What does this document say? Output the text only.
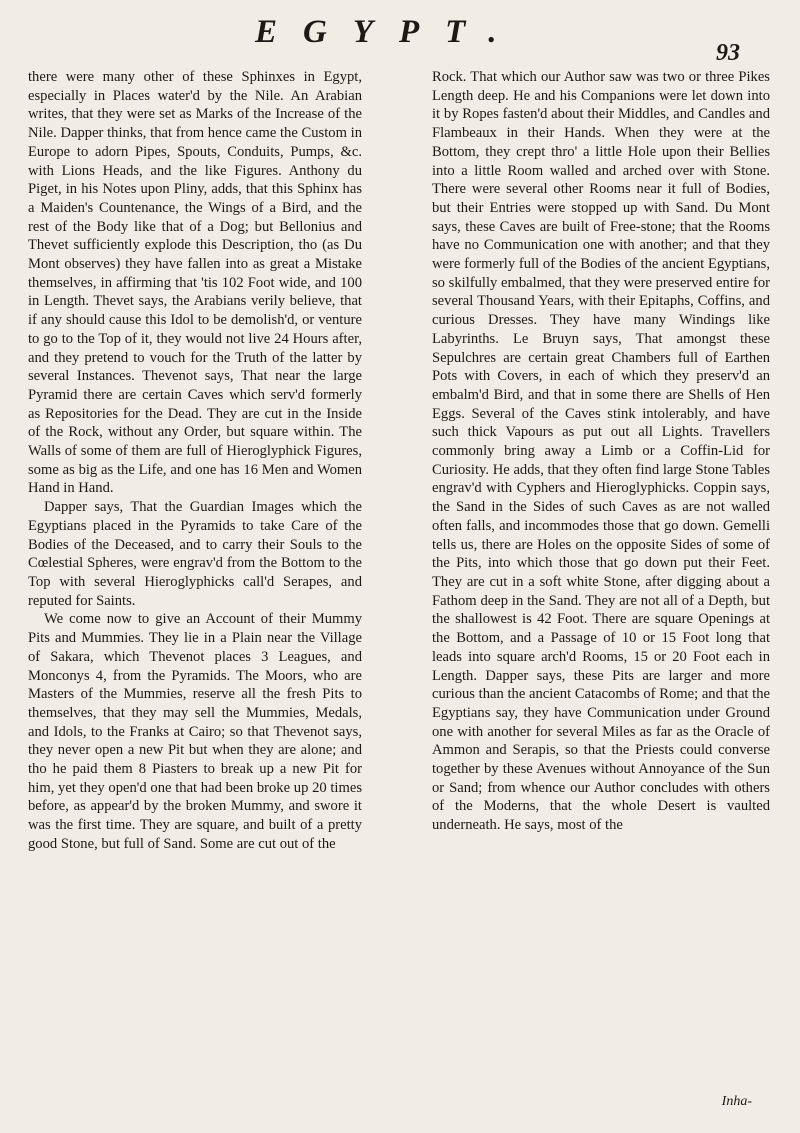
EGYPT.
93

there were many other of these Sphinxes in Egypt, especially in Places water'd by the Nile. An Arabian writes, that they were set as Marks of the Increase of the Nile. Dapper thinks, that from hence came the Custom in Europe to adorn Pipes, Spouts, Conduits, Pumps, &c. with Lions Heads, and the like Figures. Anthony du Piget, in his Notes upon Pliny, adds, that this Sphinx has a Maiden's Countenance, the Wings of a Bird, and the rest of the Body like that of a Dog; but Bellonius and Thevet sufficiently explode this Description, tho (as Du Mont observes) they have fallen into as great a Mistake themselves, in affirming that 'tis 102 Foot wide, and 100 in Length. Thevet says, the Arabians verily believe, that if any should cause this Idol to be demolish'd, or venture to go to the Top of it, they would not live 24 Hours after, and they pretend to vouch for the Truth of the latter by several Instances. Thevenot says, That near the large Pyramid there are certain Caves which serv'd formerly as Repositories for the Dead. They are cut in the Inside of the Rock, without any Order, but square within. The Walls of some of them are full of Hieroglyphick Figures, some as big as the Life, and one has 16 Men and Women Hand in Hand.

Dapper says, That the Guardian Images which the Egyptians placed in the Pyramids to take Care of the Bodies of the Deceased, and to carry their Souls to the Cœlestial Spheres, were engrav'd from the Bottom to the Top with several Hieroglyphicks call'd Serapes, and reputed for Saints.

We come now to give an Account of their Mummy Pits and Mummies. They lie in a Plain near the Village of Sakara, which Thevenot places 3 Leagues, and Monconys 4, from the Pyramids. The Moors, who are Masters of the Mummies, reserve all the fresh Pits to themselves, that they may sell the Mummies, Medals, and Idols, to the Franks at Cairo; so that Thevenot says, they never open a new Pit but when they are alone; and tho he paid them 8 Piasters to break up a new Pit for him, yet they open'd one that had been broke up 20 times before, as appear'd by the broken Mummy, and swore it was the first time. They are square, and built of a pretty good Stone, but full of Sand. Some are cut out of the

Rock. That which our Author saw was two or three Pikes Length deep. He and his Companions were let down into it by Ropes fasten'd about their Middles, and Candles and Flambeaux in their Hands. When they were at the Bottom, they crept thro' a little Hole upon their Bellies into a little Room walled and arched over with Stone. There were several other Rooms near it full of Bodies, but their Entries were stopped up with Sand. Du Mont says, these Caves are built of Free-stone; that the Rooms have no Communication one with another; and that they were formerly full of the Bodies of the ancient Egyptians, so skilfully embalmed, that they were preserved entire for several Thousand Years, with their Epitaphs, Coffins, and curious Dresses. They have many Windings like Labyrinths. Le Bruyn says, That amongst these Sepulchres are certain great Chambers full of Earthen Pots with Covers, in each of which they preserv'd an embalm'd Bird, and that in some there are Shells of Hen Eggs. Several of the Caves stink intolerably, and have such thick Vapours as put out all Lights. Travellers commonly bring away a Limb or a Coffin-Lid for Curiosity. He adds, that they often find large Stone Tables engrav'd with Cyphers and Hieroglyphicks. Coppin says, the Sand in the Sides of such Caves as are not walled often falls, and incommodes those that go down. Gemelli tells us, there are Holes on the opposite Sides of some of the Pits, into which those that go down put their Feet. They are cut in a soft white Stone, after digging about a Fathom deep in the Sand. They are not all of a Depth, but the shallowest is 42 Foot. There are square Openings at the Bottom, and a Passage of 10 or 15 Foot long that leads into square arch'd Rooms, 15 or 20 Foot each in Length. Dapper says, these Pits are larger and more curious than the ancient Catacombs of Rome; and that the Egyptians say, they have Communication under Ground one with another for several Miles as far as the Oracle of Ammon and Serapis, so that the Priests could converse together by these Avenues without Annoyance of the Sun or Sand; from whence our Author concludes with others of the Moderns, that the whole Desert is vaulted underneath. He says, most of the

Inha-
